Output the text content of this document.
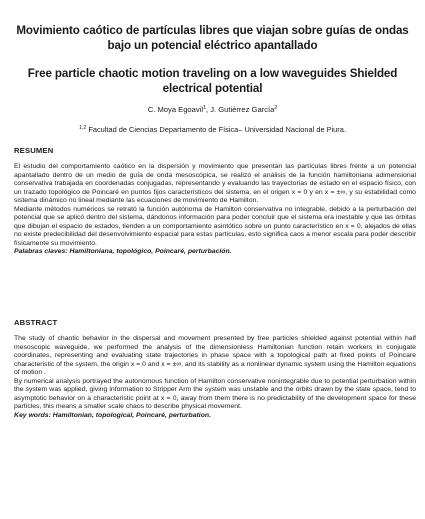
Movimiento caótico de partículas libres que viajan sobre guías de ondas bajo un potencial eléctrico apantallado
Free particle chaotic motion traveling on a low waveguides Shielded electrical potential
C. Moya Egoavil$^1$, J. Gutiérrez García$^2$
$^{1,2}$ Facultad de Ciencias Departamento de Física– Universidad Nacional de Piura.
RESUMEN

El estudio del comportamiento caótico en la dispersión y movimiento que presentan las partículas libres frente a un potencial apantallado dentro de un medio de guía de onda mesoscópica, se realizó el análisis de la función hamiltoniana adimensional conservativa trabajada en coordenadas conjugadas, representando y evaluando las trayectorias de estado en el espacio físico, con un trazado topológico de Poincaré en puntos fijos característicos del sistema, en el origen x = 0 y en x = ±∞, y su estabilidad como sistema dinámico no lineal mediante las ecuaciones de movimiento de Hamilton.

Mediante métodos numéricos se retrató la función autónoma de Hamilton conservativa no integrable, debido a la perturbación del potencial que se aplicó dentro del sistema, dándonos información para poder concluir que el sistema era inestable y que las órbitas que dibujan el espacio de estados, tienden a un comportamiento asintótico sobre un punto característico en x = 0, alejados de ellas no existe predecibilidad del desenvolvimiento espacial para estas partículas, esto significa caos a menor escala para poder describir físicamente su movimiento.

Palabras claves: Hamiltoniana, topológico, Poincaré, perturbación.

ABSTRACT

The study of chaotic behavior in the dispersal and movement presented by free particles shielded against potential within half mesoscopic waveguide, we performed the analysis of the dimensionless Hamiltonian function retain workers in conjugate coordinates, representing and evaluating state trajectories in phase space with a topological path at fixed points of Poincare characteristic of the system, the origin x = 0 and x = ±∞, and its stability as a nonlinear dynamic system using the Hamilton equations of motion .

By numerical analysis portrayed the autonomous function of Hamilton conservative nonintegrable due to potential perturbation within the system was applied, giving information to Stripper Arm the system was unstable and the orbits drawn by the state space, tend to asymptotic behavior on a characteristic point at x = 0, away from them there is no predictability of the development space for these particles, this means a smaller scale chaos to describe physical movement.

Key words: Hamiltonian, topological, Poincaré, perturbation.
